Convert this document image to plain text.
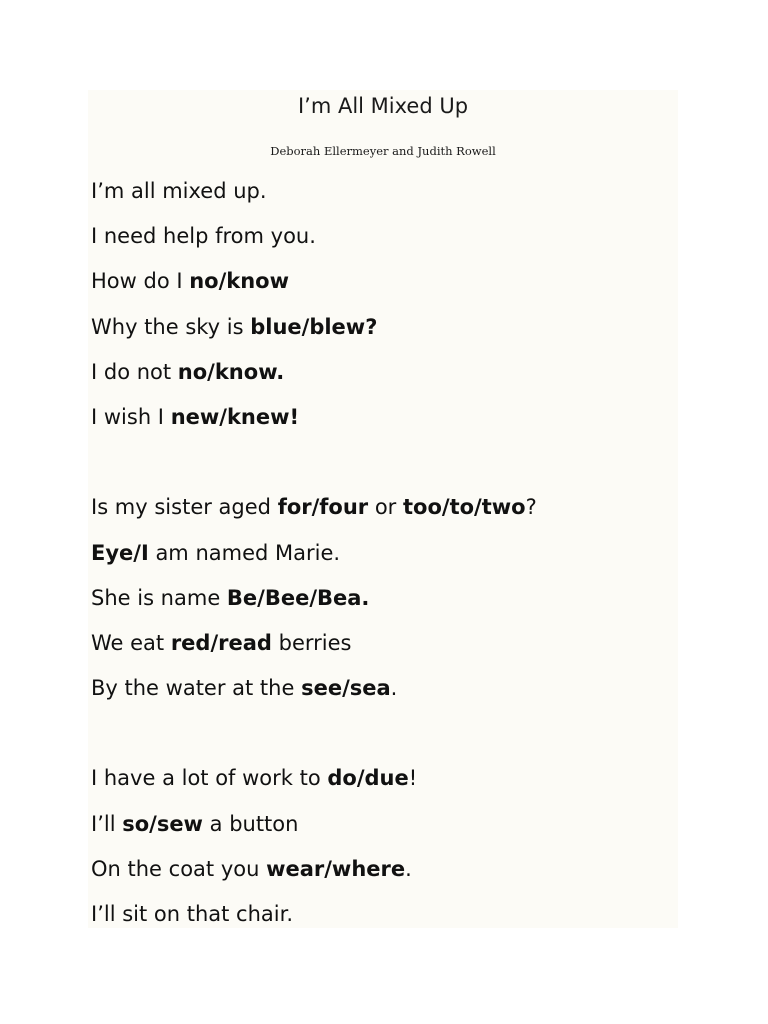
I’m All Mixed Up
Deborah Ellermeyer and Judith Rowell
I’m all mixed up.
I need help from you.
How do I no/know
Why the sky is blue/blew?
I do not no/know.
I wish I new/knew!
Is my sister aged for/four or too/to/two?
Eye/I am named Marie.
She is name Be/Bee/Bea.
We eat red/read berries
By the water at the see/sea.
I have a lot of work to do/due!
I’ll so/sew a button
On the coat you wear/where.
I’ll sit on that chair.
